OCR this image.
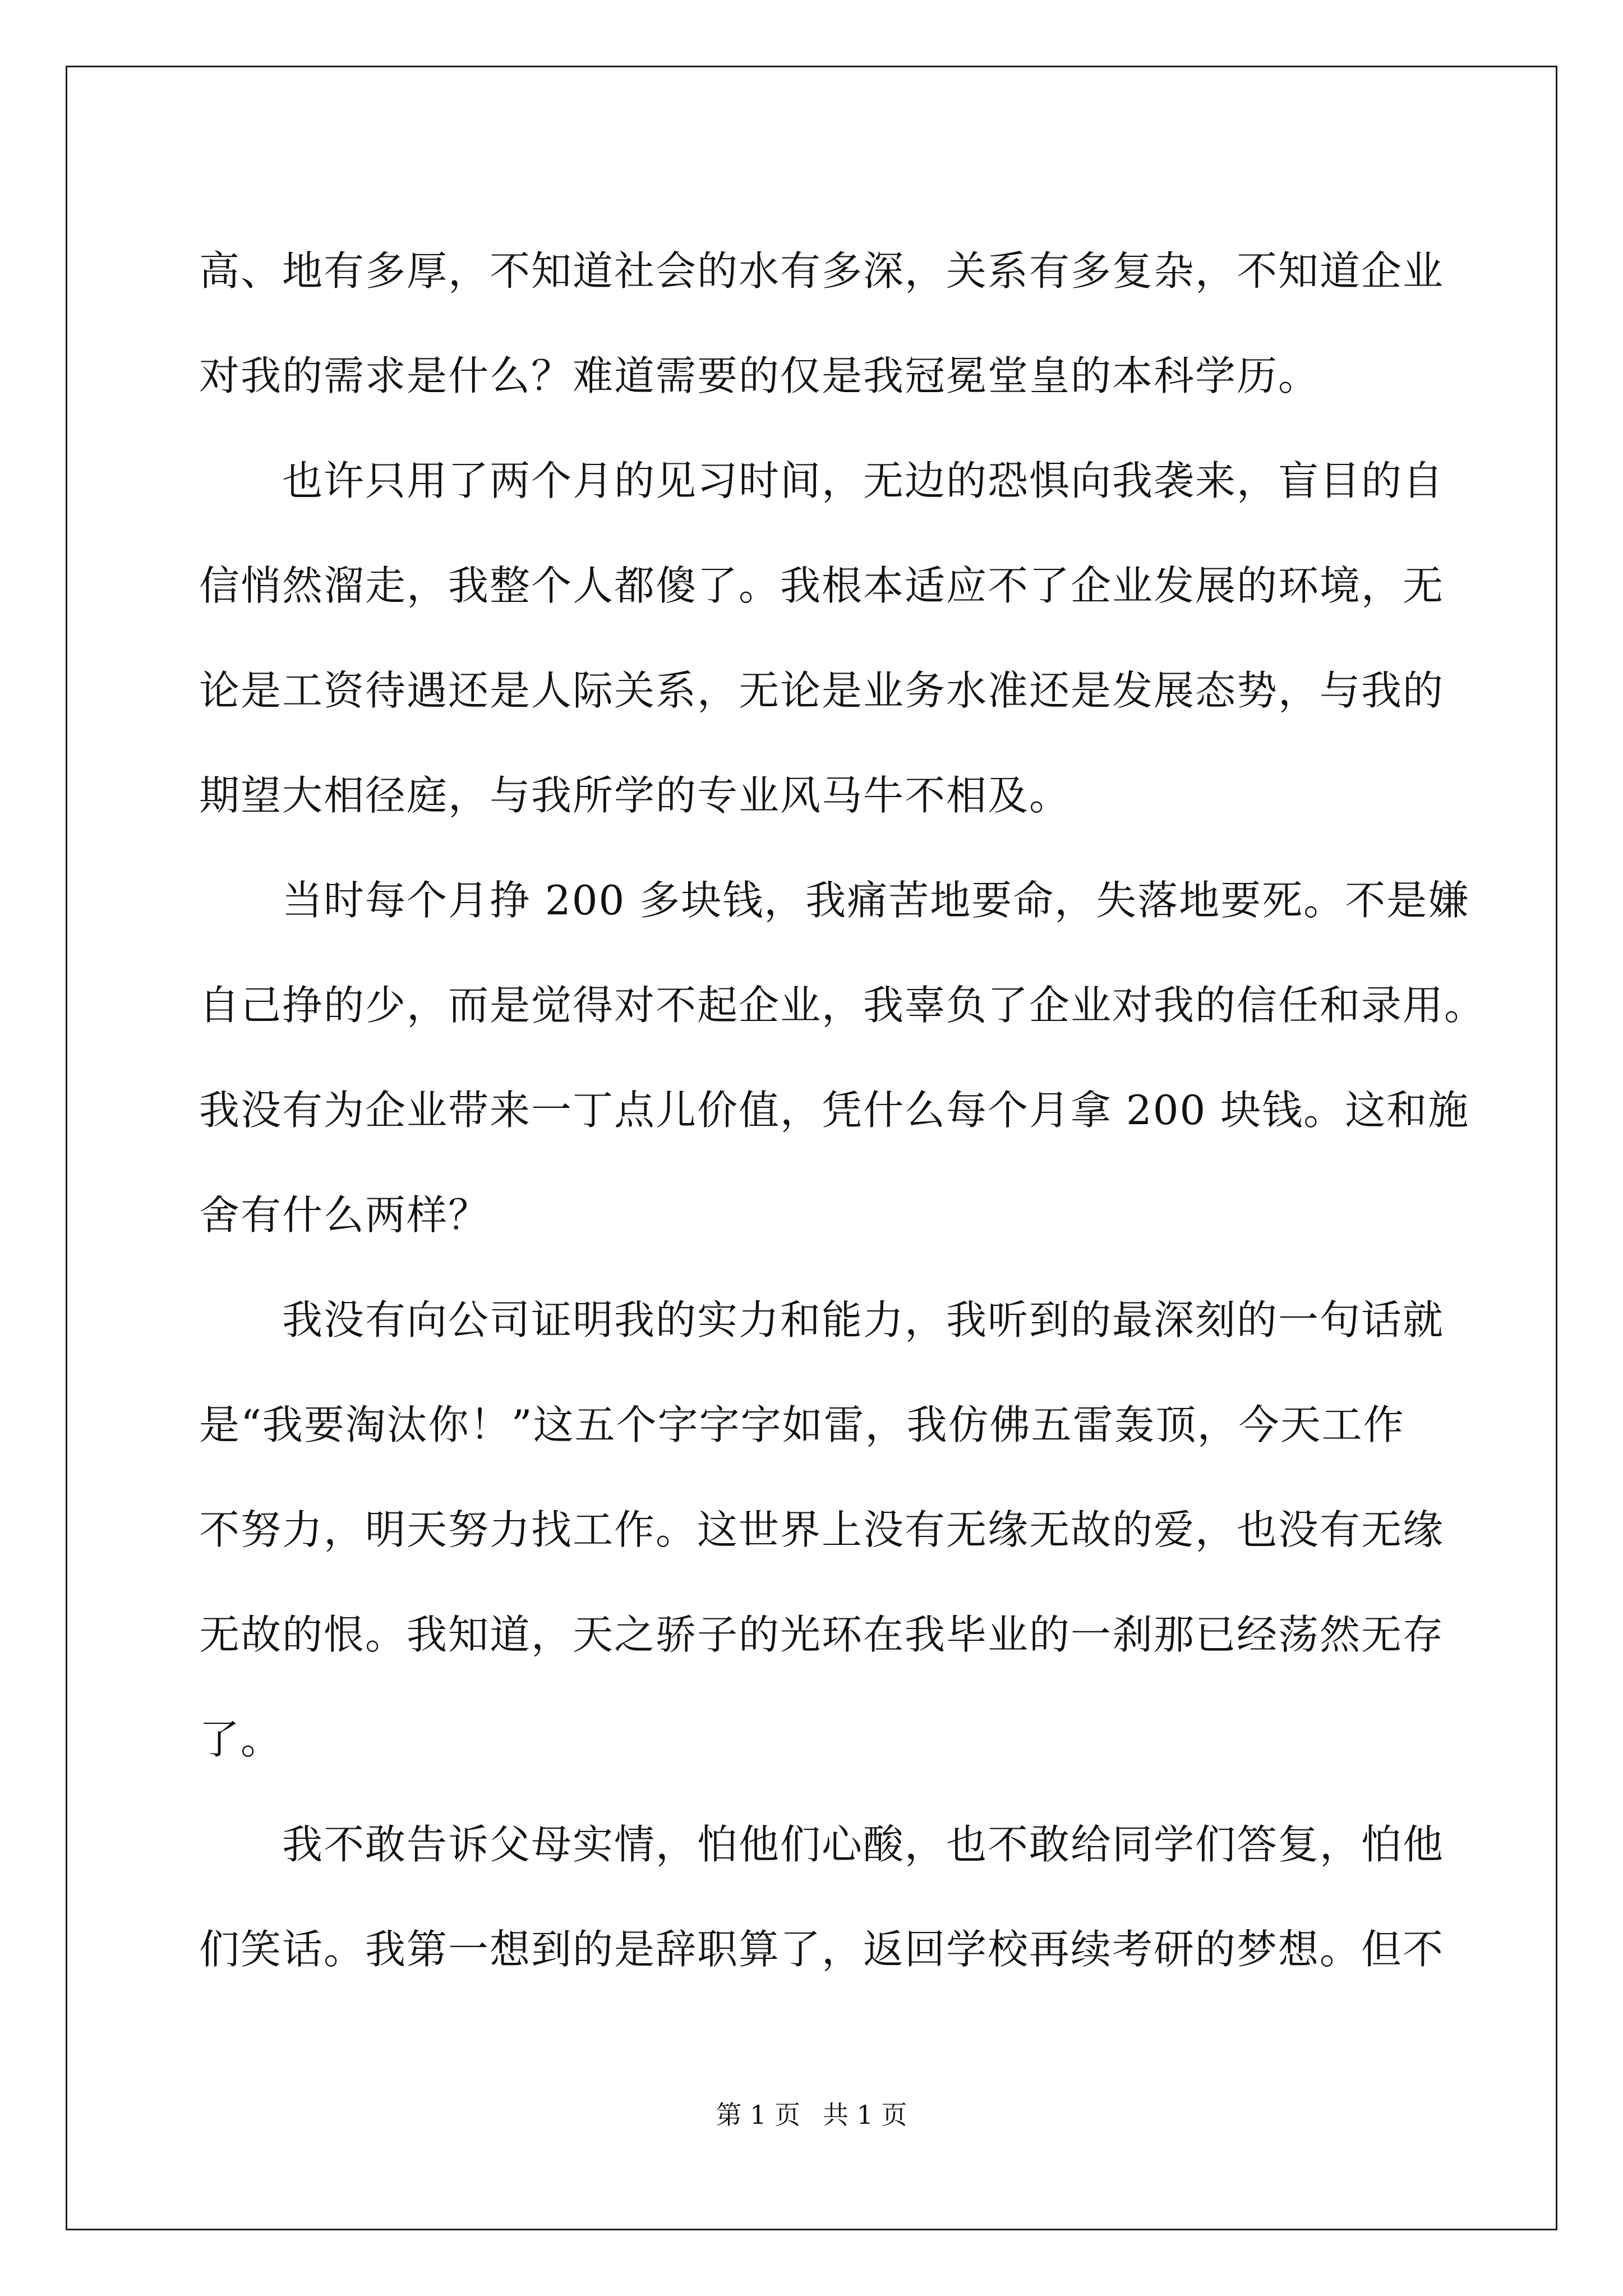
高、地有多厚，不知道社会的水有多深，关系有多复杂，不知道企业
对我的需求是什么？难道需要的仅是我冠冕堂皇的本科学历。
也许只用了两个月的见习时间，无边的恐惧向我袭来，盲目的自
信悄然溜走，我整个人都傻了。我根本适应不了企业发展的环境，无
论是工资待遇还是人际关系，无论是业务水准还是发展态势，与我的
期望大相径庭，与我所学的专业风马牛不相及。
当时每个月挣 200 多块钱，我痛苦地要命，失落地要死。不是嫌
自己挣的少，而是觉得对不起企业，我辜负了企业对我的信任和录用。
我没有为企业带来一丁点儿价值，凭什么每个月拿 200 块钱。这和施
舍有什么两样？
我没有向公司证明我的实力和能力，我听到的最深刻的一句话就
是“我要淘汰你！”这五个字字字如雷，我仿佛五雷轰顶，今天工作
不努力，明天努力找工作。这世界上没有无缘无故的爱，也没有无缘
无故的恨。我知道，天之骄子的光环在我毕业的一刹那已经荡然无存
了。
我不敢告诉父母实情，怕他们心酸，也不敢给同学们答复，怕他
们笑话。我第一想到的是辞职算了，返回学校再续考研的梦想。但不
第 1 页 共 1 页
